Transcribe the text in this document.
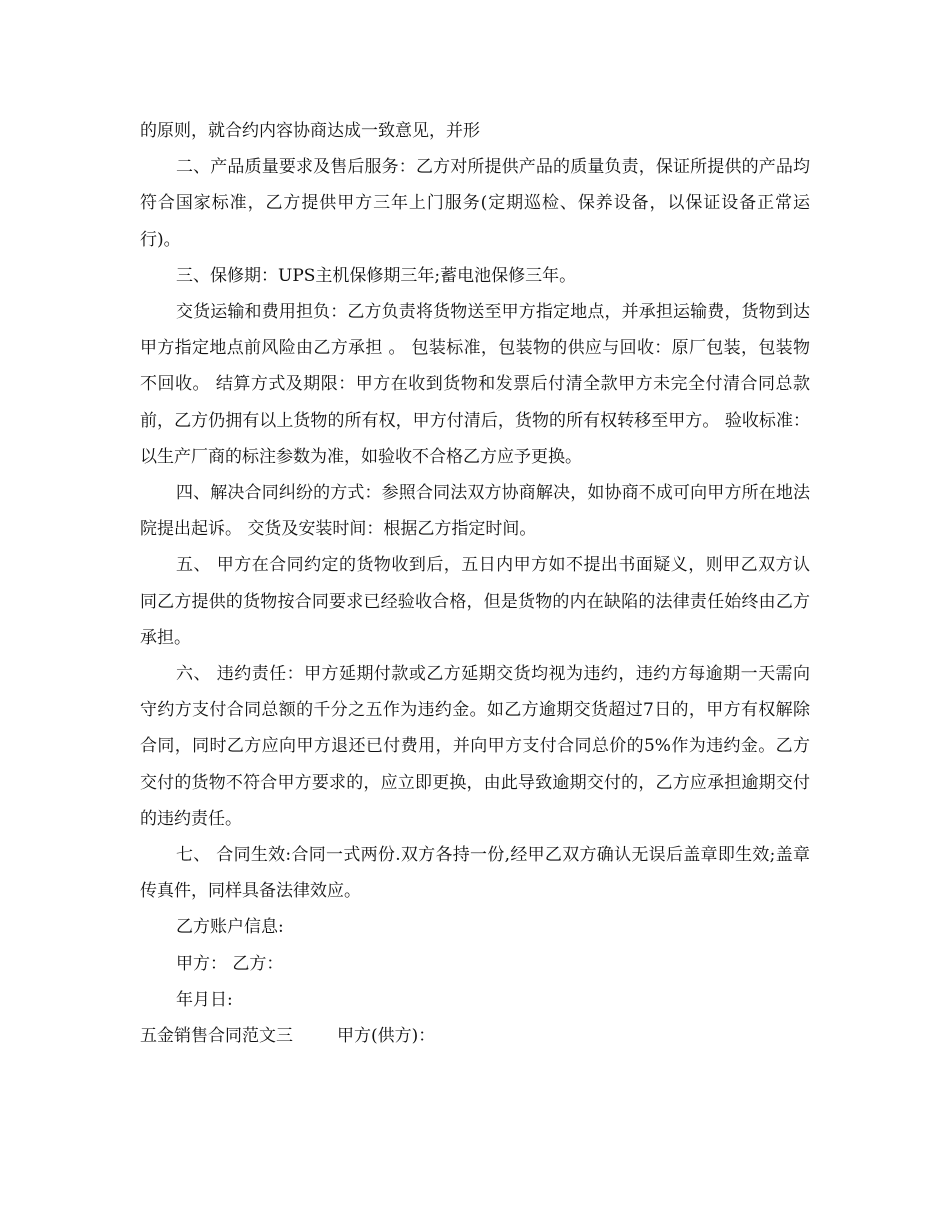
的原则，就合约内容协商达成一致意见，并形

二、产品质量要求及售后服务：乙方对所提供产品的质量负责，保证所提供的产品均符合国家标准，乙方提供甲方三年上门服务(定期巡检、保养设备，以保证设备正常运行)。

三、保修期：UPS主机保修期三年;蓄电池保修三年。

交货运输和费用担负：乙方负责将货物送至甲方指定地点，并承担运输费，货物到达甲方指定地点前风险由乙方承担 。 包装标准，包装物的供应与回收：原厂包装，包装物不回收。 结算方式及期限：甲方在收到货物和发票后付清全款甲方未完全付清合同总款前，乙方仍拥有以上货物的所有权，甲方付清后，货物的所有权转移至甲方。 验收标准：以生产厂商的标注参数为准，如验收不合格乙方应予更换。

四、解决合同纠纷的方式：参照合同法双方协商解决，如协商不成可向甲方所在地法院提出起诉。 交货及安装时间：根据乙方指定时间。

五、 甲方在合同约定的货物收到后，五日内甲方如不提出书面疑义，则甲乙双方认同乙方提供的货物按合同要求已经验收合格，但是货物的内在缺陷的法律责任始终由乙方承担。

六、 违约责任：甲方延期付款或乙方延期交货均视为违约，违约方每逾期一天需向守约方支付合同总额的千分之五作为违约金。如乙方逾期交货超过7日的，甲方有权解除合同，同时乙方应向甲方退还已付费用，并向甲方支付合同总价的5%作为违约金。乙方交付的货物不符合甲方要求的，应立即更换，由此导致逾期交付的，乙方应承担逾期交付的违约责任。

七、 合同生效:合同一式两份.双方各持一份,经甲乙双方确认无误后盖章即生效;盖章传真件，同样具备法律效应。

乙方账户信息:

甲方： 乙方：

年月日:

五金销售合同范文三	甲方(供方)：
